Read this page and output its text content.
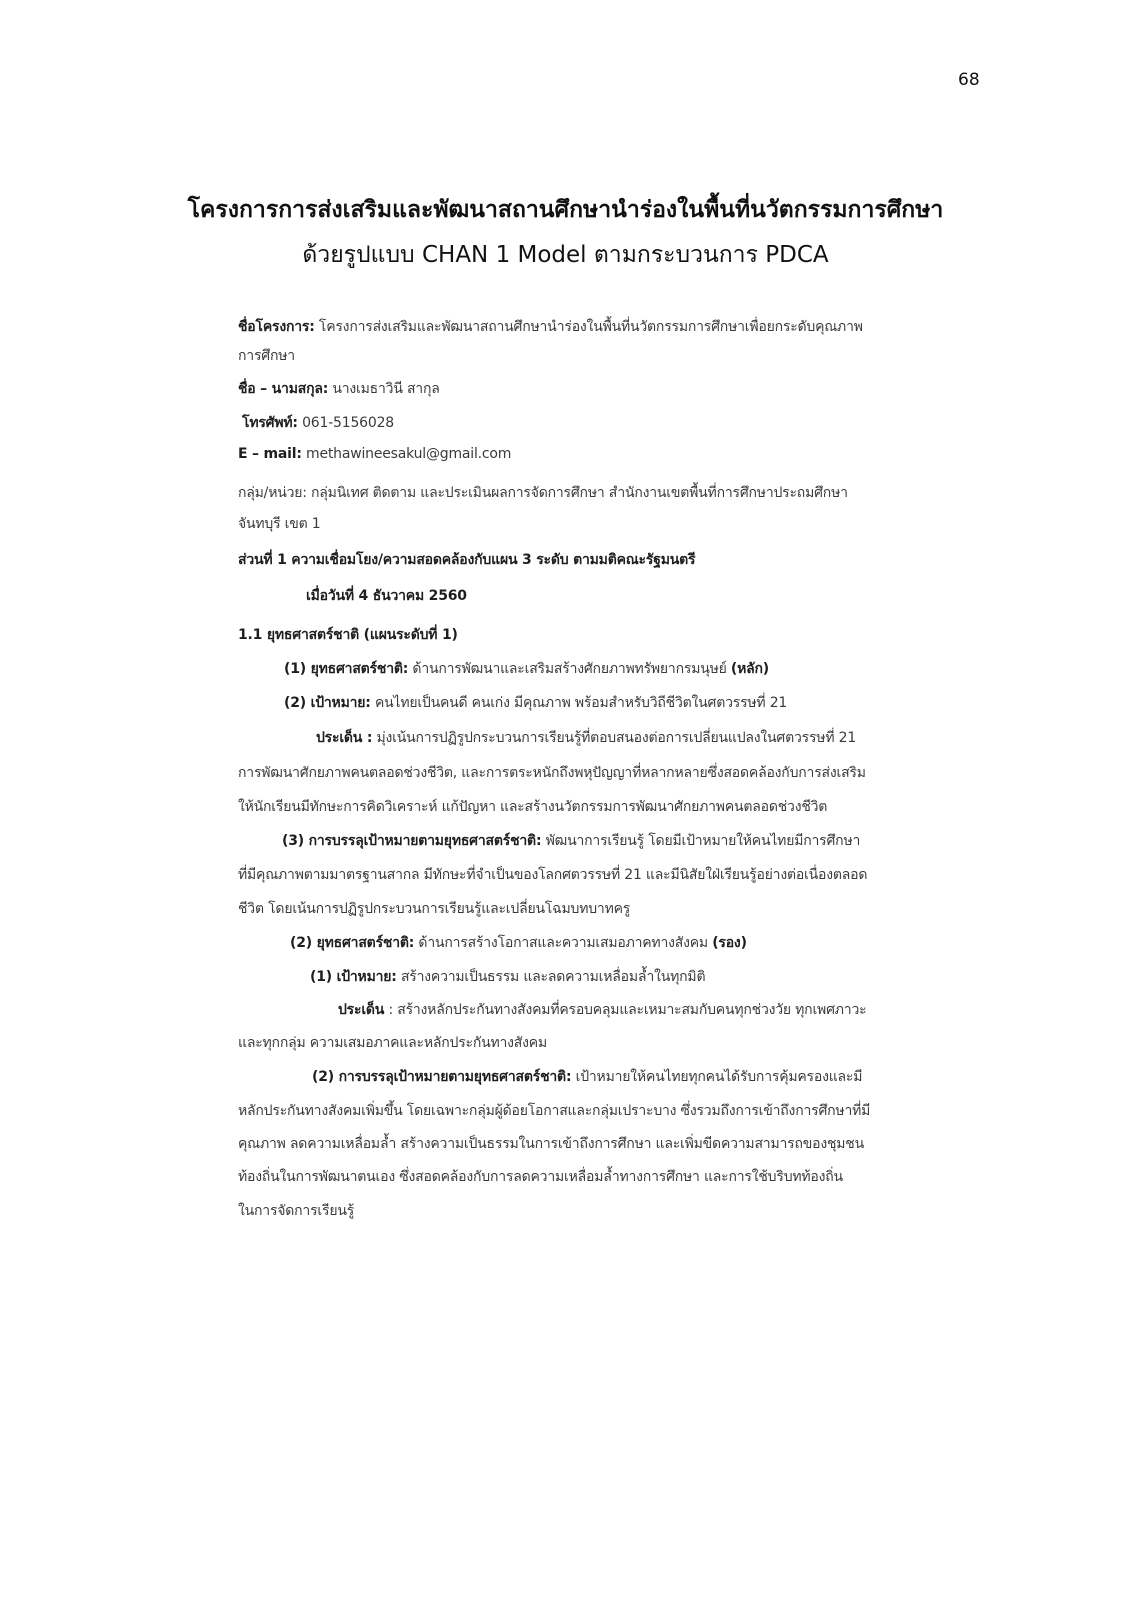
68
โครงการการส่งเสริมและพัฒนาสถานศึกษานำร่องในพื้นที่นวัตกรรมการศึกษา
ด้วยรูปแบบ CHAN 1 Model ตามกระบวนการ PDCA
ชื่อโครงการ: โครงการส่งเสริมและพัฒนาสถานศึกษานำร่องในพื้นที่นวัตกรรมการศึกษาเพื่อยกระดับคุณภาพ
การศึกษา
ชื่อ – นามสกุล: นางเมธาวินี สากุล
โทรศัพท์: 061-5156028
E – mail: methawineesakul@gmail.com
กลุ่ม/หน่วย: กลุ่มนิเทศ ติดตาม และประเมินผลการจัดการศึกษา สำนักงานเขตพื้นที่การศึกษาประถมศึกษา
จันทบุรี เขต 1
ส่วนที่ 1 ความเชื่อมโยง/ความสอดคล้องกับแผน 3 ระดับ ตามมติคณะรัฐมนตรี
เมื่อวันที่ 4 ธันวาคม 2560
1.1 ยุทธศาสตร์ชาติ (แผนระดับที่ 1)
(1) ยุทธศาสตร์ชาติ: ด้านการพัฒนาและเสริมสร้างศักยภาพทรัพยากรมนุษย์ (หลัก)
(2) เป้าหมาย: คนไทยเป็นคนดี คนเก่ง มีคุณภาพ พร้อมสำหรับวิถีชีวิตในศตวรรษที่ 21
ประเด็น : มุ่งเน้นการปฏิรูปกระบวนการเรียนรู้ที่ตอบสนองต่อการเปลี่ยนแปลงในศตวรรษที่ 21
การพัฒนาศักยภาพคนตลอดช่วงชีวิต, และการตระหนักถึงพหุปัญญาที่หลากหลายซึ่งสอดคล้องกับการส่งเสริม
ให้นักเรียนมีทักษะการคิดวิเคราะห์ แก้ปัญหา และสร้างนวัตกรรมการพัฒนาศักยภาพคนตลอดช่วงชีวิต
(3) การบรรลุเป้าหมายตามยุทธศาสตร์ชาติ: พัฒนาการเรียนรู้ โดยมีเป้าหมายให้คนไทยมีการศึกษา
ที่มีคุณภาพตามมาตรฐานสากล มีทักษะที่จำเป็นของโลกศตวรรษที่ 21 และมีนิสัยใฝ่เรียนรู้อย่างต่อเนื่องตลอด
ชีวิต โดยเน้นการปฏิรูปกระบวนการเรียนรู้และเปลี่ยนโฉมบทบาทครู
(2) ยุทธศาสตร์ชาติ: ด้านการสร้างโอกาสและความเสมอภาคทางสังคม (รอง)
(1) เป้าหมาย: สร้างความเป็นธรรม และลดความเหลื่อมล้ำในทุกมิติ
ประเด็น : สร้างหลักประกันทางสังคมที่ครอบคลุมและเหมาะสมกับคนทุกช่วงวัย ทุกเพศภาวะ
และทุกกลุ่ม ความเสมอภาคและหลักประกันทางสังคม
(2) การบรรลุเป้าหมายตามยุทธศาสตร์ชาติ: เป้าหมายให้คนไทยทุกคนได้รับการคุ้มครองและมี
หลักประกันทางสังคมเพิ่มขึ้น โดยเฉพาะกลุ่มผู้ด้อยโอกาสและกลุ่มเปราะบาง ซึ่งรวมถึงการเข้าถึงการศึกษาที่มี
คุณภาพ ลดความเหลื่อมล้ำ สร้างความเป็นธรรมในการเข้าถึงการศึกษา และเพิ่มขีดความสามารถของชุมชน
ท้องถิ่นในการพัฒนาตนเอง ซึ่งสอดคล้องกับการลดความเหลื่อมล้ำทางการศึกษา และการใช้บริบทท้องถิ่น
ในการจัดการเรียนรู้
